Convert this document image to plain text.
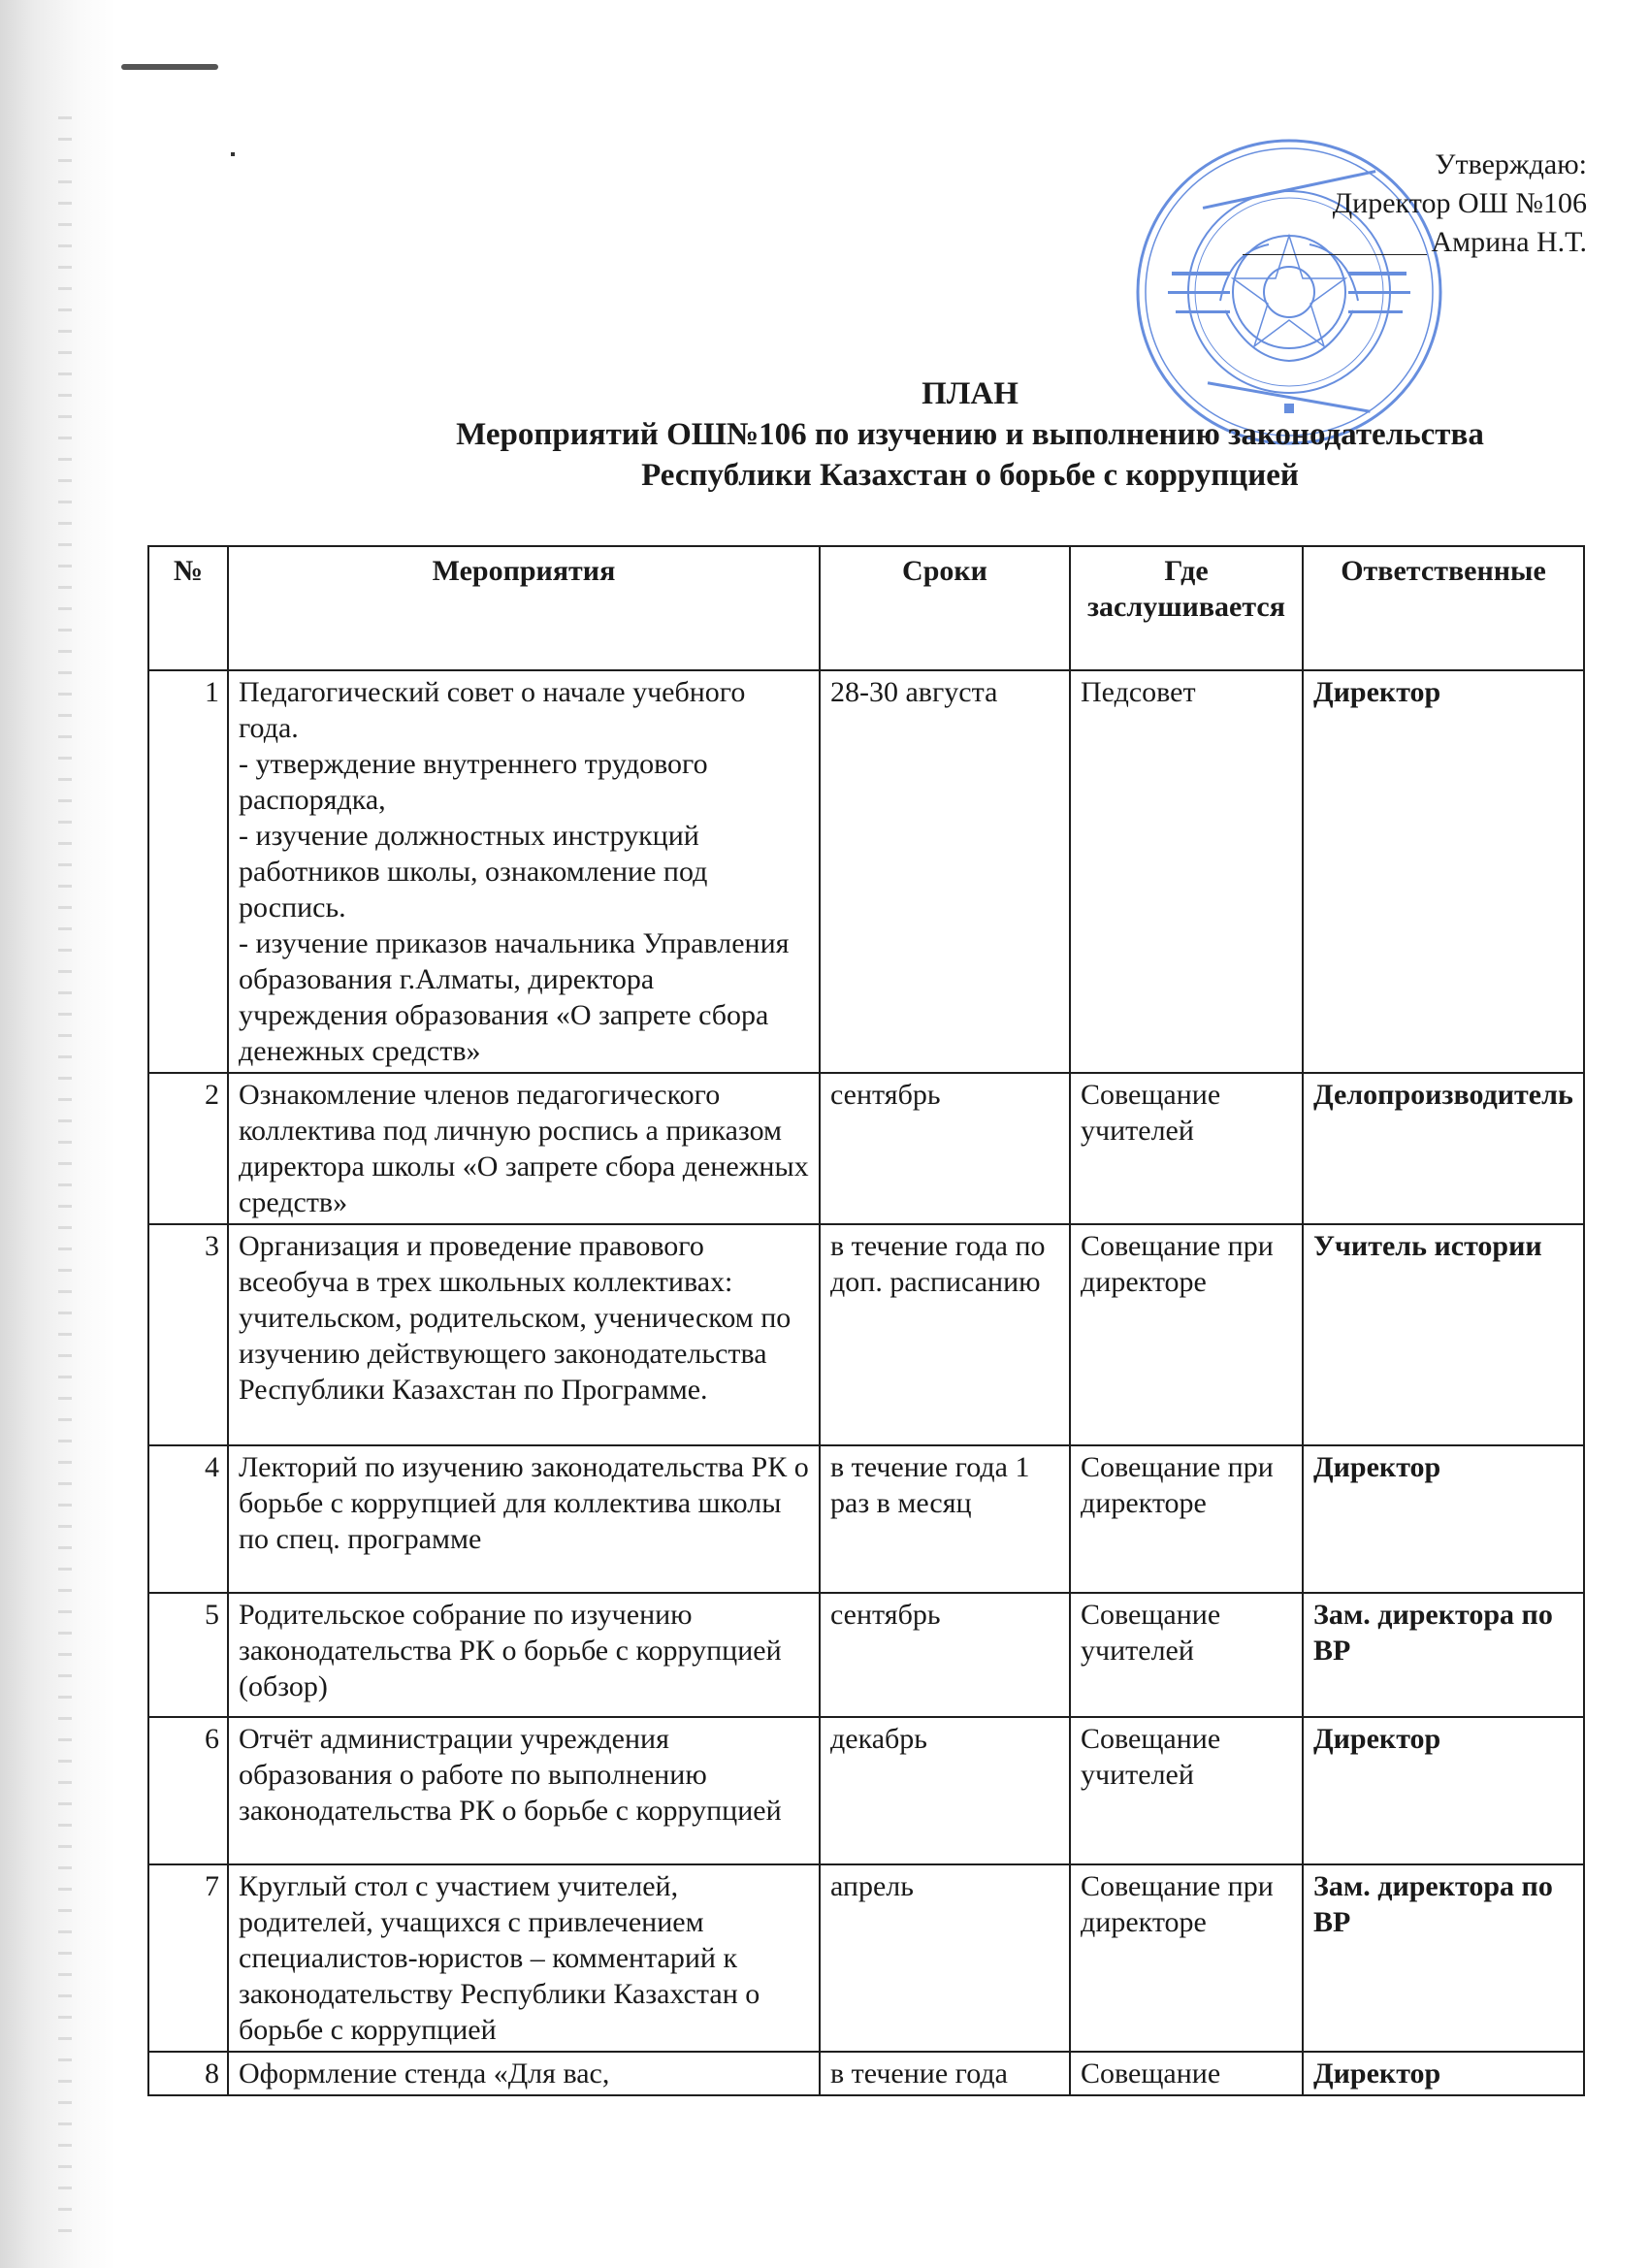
Утверждаю:
Директор ОШ №106
Амрина Н.Т.
ПЛАН
Мероприятий ОШ№106 по изучению и выполнению законодательства
Республики Казахстан о борьбе с коррупцией
№	Мероприятия	Сроки	Где заслушивается	Ответственные
1	Педагогический совет о начале учебного года.
- утверждение внутреннего трудового распорядка,
- изучение должностных инструкций работников школы, ознакомление под роспись.
- изучение приказов начальника Управления образования г.Алматы, директора учреждения образования «О запрете сбора денежных средств»	28-30 августа	Педсовет	Директор
2	Ознакомление членов педагогического коллектива под личную роспись а приказом директора школы «О запрете сбора денежных средств»	сентябрь	Совещание учителей	Делопроизводитель
3	Организация и проведение правового всеобуча в трех школьных коллективах: учительском, родительском, ученическом по изучению действующего законодательства Республики Казахстан по Программе.	в течение года по доп. расписанию	Совещание при директоре	Учитель истории
4	Лекторий по изучению законодательства РК о борьбе с коррупцией для коллектива школы по спец. программе	в течение года 1 раз в месяц	Совещание при директоре	Директор
5	Родительское собрание по изучению законодательства РК о борьбе с коррупцией (обзор)	сентябрь	Совещание учителей	Зам. директора по ВР
6	Отчёт администрации учреждения образования о работе по выполнению законодательства РК о борьбе с коррупцией	декабрь	Совещание учителей	Директор
7	Круглый стол с участием учителей, родителей, учащихся с привлечением специалистов-юристов – комментарий к законодательству Республики Казахстан о борьбе с коррупцией	апрель	Совещание при директоре	Зам. директора по ВР
8	Оформление стенда «Для вас,	в течение года	Совещание	Директор
